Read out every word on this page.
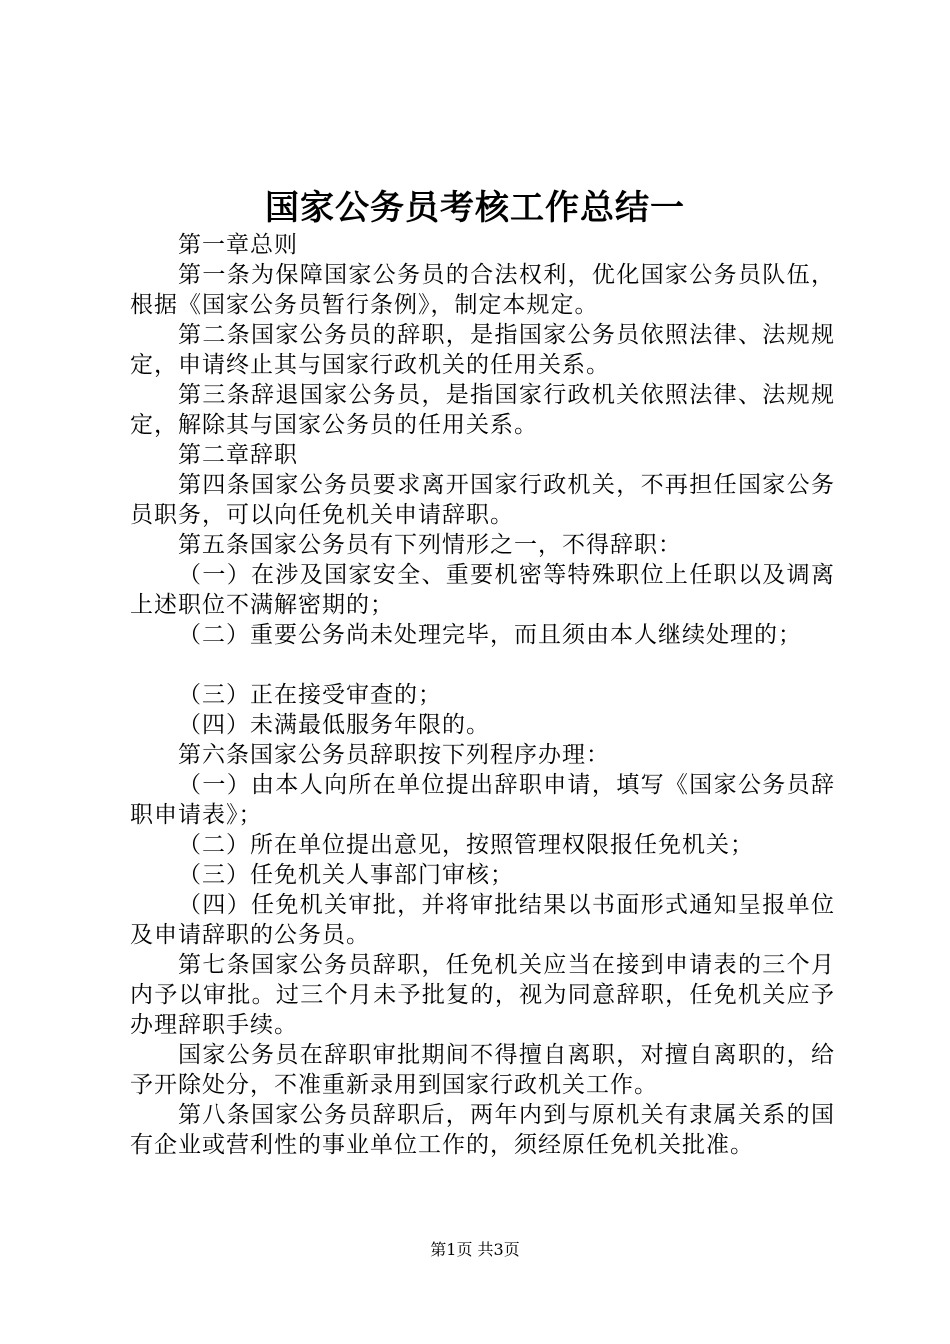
国家公务员考核工作总结一

第一章总则

第一条为保障国家公务员的合法权利，优化国家公务员队伍，根据《国家公务员暂行条例》，制定本规定。

第二条国家公务员的辞职，是指国家公务员依照法律、法规规定，申请终止其与国家行政机关的任用关系。

第三条辞退国家公务员，是指国家行政机关依照法律、法规规定，解除其与国家公务员的任用关系。

第二章辞职

第四条国家公务员要求离开国家行政机关，不再担任国家公务员职务，可以向任免机关申请辞职。

第五条国家公务员有下列情形之一，不得辞职：

（一）在涉及国家安全、重要机密等特殊职位上任职以及调离上述职位不满解密期的；

（二）重要公务尚未处理完毕，而且须由本人继续处理的；

（三）正在接受审查的；

（四）未满最低服务年限的。

第六条国家公务员辞职按下列程序办理：

（一）由本人向所在单位提出辞职申请，填写《国家公务员辞职申请表》；

（二）所在单位提出意见，按照管理权限报任免机关；

（三）任免机关人事部门审核；

（四）任免机关审批，并将审批结果以书面形式通知呈报单位及申请辞职的公务员。

第七条国家公务员辞职，任免机关应当在接到申请表的三个月内予以审批。过三个月未予批复的，视为同意辞职，任免机关应予办理辞职手续。

国家公务员在辞职审批期间不得擅自离职，对擅自离职的，给予开除处分，不准重新录用到国家行政机关工作。

第八条国家公务员辞职后，两年内到与原机关有隶属关系的国有企业或营利性的事业单位工作的，须经原任免机关批准。

第1页 共3页
